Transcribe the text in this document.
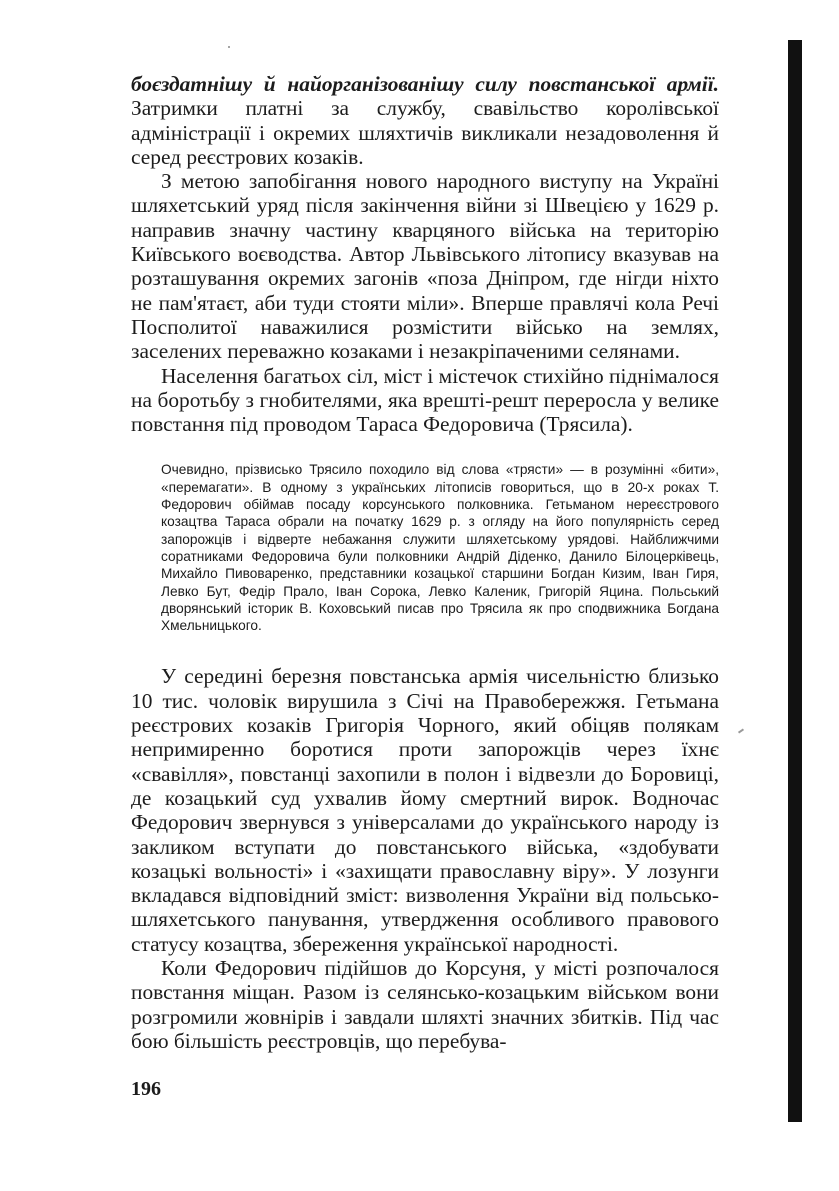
боєздатнішу й найорганізованішу силу повстанської армії. Затримки платні за службу, свавільство королівської адміністрації і окремих шляхтичів викликали незадоволення й серед реєстрових козаків.

З метою запобігання нового народного виступу на Україні шляхетський уряд після закінчення війни зі Швецією у 1629 р. направив значну частину кварцяного війська на територію Київського воєводства. Автор Львівського літопису вказував на розташування окремих загонів «поза Дніпром, где нігди ніхто не пам'ятаєт, аби туди стояти міли». Вперше правлячі кола Речі Посполитої наважилися розмістити військо на землях, заселених переважно козаками і незакріпаченими селянами.

Населення багатьох сіл, міст і містечок стихійно піднімалося на боротьбу з гнобителями, яка врешті-решт переросла у велике повстання під проводом Тараса Федоровича (Трясила).

Очевидно, прізвисько Трясило походило від слова «трясти» — в розумінні «бити», «перемагати». В одному з українських літописів говориться, що в 20-х роках Т. Федорович обіймав посаду корсунського полковника. Гетьманом нереєстрового козацтва Тараса обрали на початку 1629 р. з огляду на його популярність серед запорожців і відверте небажання служити шляхетському урядові. Найближчими соратниками Федоровича були полковники Андрій Діденко, Данило Білоцерківець, Михайло Пивоваренко, представники козацької старшини Богдан Кизим, Іван Гиря, Левко Бут, Федір Прало, Іван Сорока, Левко Каленик, Григорій Яцина. Польський дворянський історик В. Коховський писав про Трясила як про сподвижника Богдана Хмельницького.

У середині березня повстанська армія чисельністю близько 10 тис. чоловік вирушила з Січі на Правобережжя. Гетьмана реєстрових козаків Григорія Чорного, який обіцяв полякам непримиренно боротися проти запорожців через їхнє «свавілля», повстанці захопили в полон і відвезли до Боровиці, де козацький суд ухвалив йому смертний вирок. Водночас Федорович звернувся з універсалами до українського народу із закликом вступати до повстанського війська, «здобувати козацькі вольності» і «захищати православну віру». У лозунги вкладався відповідний зміст: визволення України від польсько-шляхетського панування, утвердження особливого правового статусу козацтва, збереження української народності.

Коли Федорович підійшов до Корсуня, у місті розпочалося повстання міщан. Разом із селянсько-козацьким військом вони розгромили жовнірів і завдали шляхті значних збитків. Під час бою більшість реєстровців, що перебува-

196
